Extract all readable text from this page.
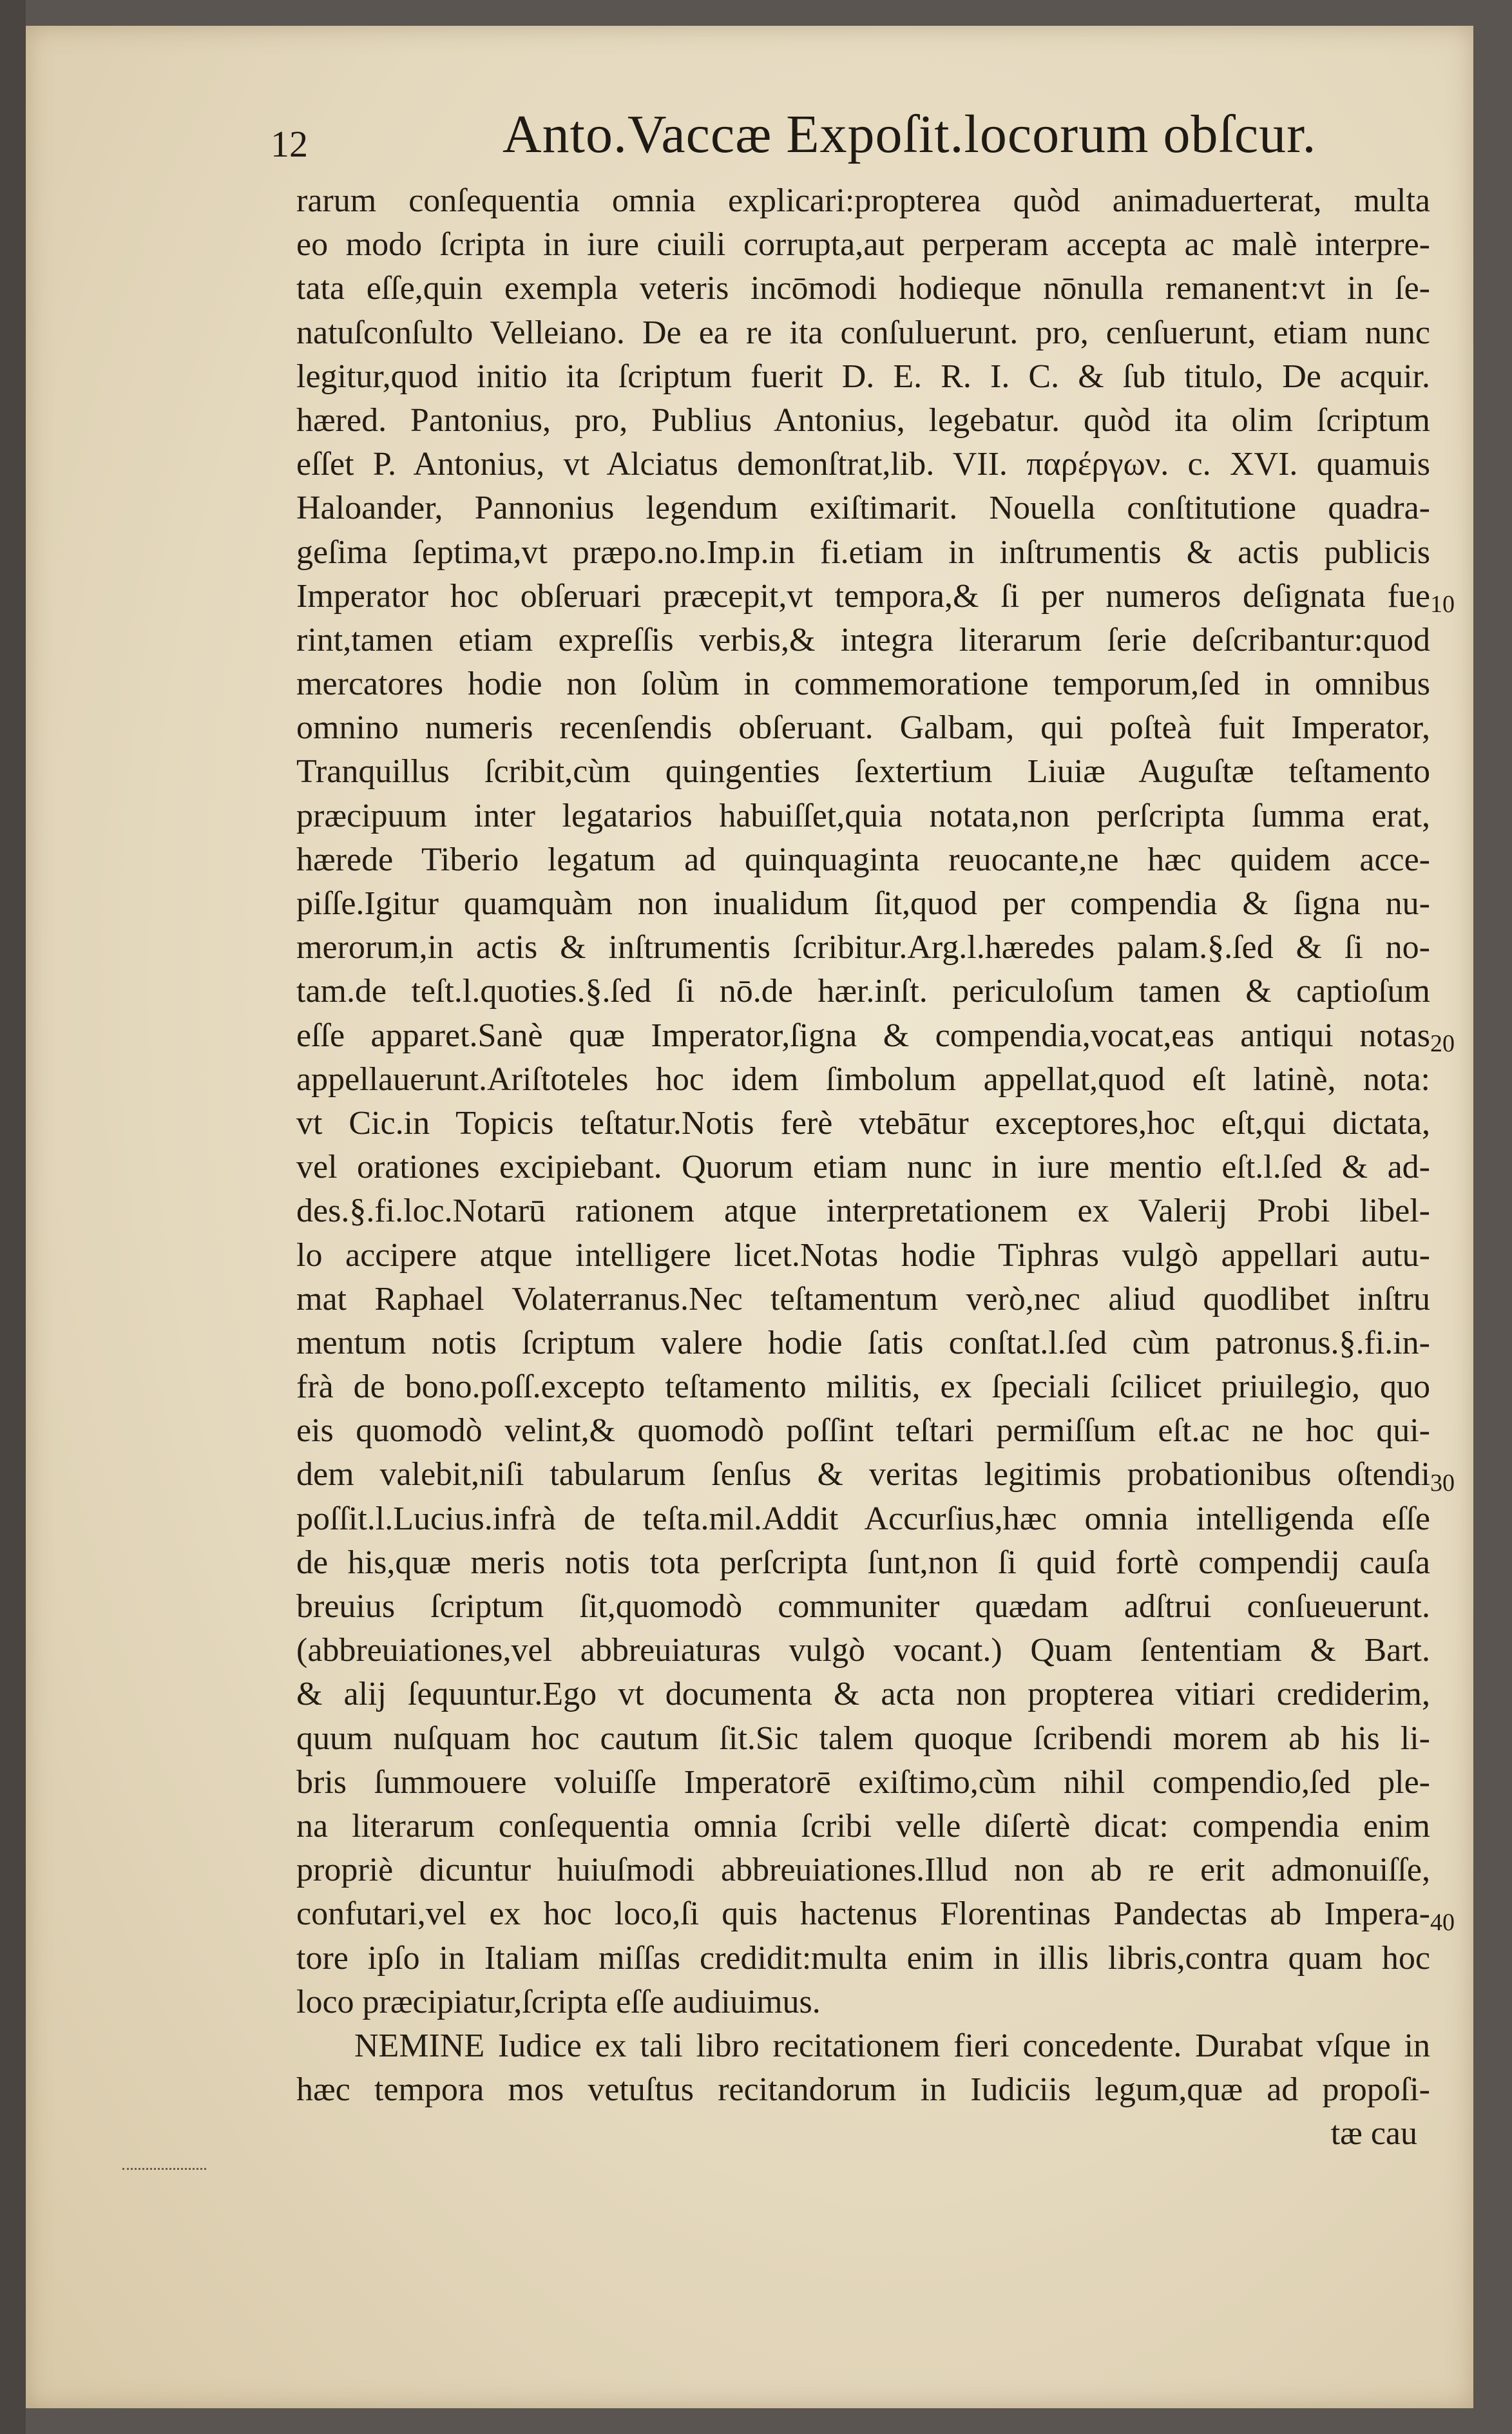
12	Anto.Vaccæ Expoſit.locorum obſcur.
rarum conſequentia omnia explicari:propterea quòd animaduerterat, multa
eo modo ſcripta in iure ciuili corrupta,aut perperam accepta ac malè interpre-
tata eſſe,quin exempla veteris incōmodi hodieque nōnulla remanent:vt in ſe-
natuſconſulto Velleiano. De ea re ita conſuluerunt. pro, cenſuerunt, etiam nunc
legitur,quod initio ita ſcriptum fuerit D. E. R. I. C. & ſub titulo, De acquir.
hæred. Pantonius, pro, Publius Antonius, legebatur. quòd ita olim ſcriptum
eſſet P. Antonius, vt Alciatus demonſtrat,lib. VII. παρέργων. c. XVI. quamuis
Haloander, Pannonius legendum exiſtimarit. Nouella conſtitutione quadra-
geſima ſeptima,vt præpo.no.Imp.in fi.etiam in inſtrumentis & actis publicis
Imperator hoc obſeruari præcepit,vt tempora,& ſi per numeros deſignata fue
rint,tamen etiam expreſſis verbis,& integra literarum ſerie deſcribantur:quod
mercatores hodie non ſolùm in commemoratione temporum,ſed in omnibus
omnino numeris recenſendis obſeruant. Galbam, qui poſteà fuit Imperator,
Tranquillus ſcribit,cùm quingenties ſextertium Liuiæ Auguſtæ teſtamento
præcipuum inter legatarios habuiſſet,quia notata,non perſcripta ſumma erat,
hærede Tiberio legatum ad quinquaginta reuocante,ne hæc quidem acce-
piſſe.Igitur quamquàm non inualidum ſit,quod per compendia & ſigna nu-
merorum,in actis & inſtrumentis ſcribitur.Arg.l.hæredes palam.§.ſed & ſi no-
tam.de teſt.l.quoties.§.ſed ſi nō.de hær.inſt. periculoſum tamen & captioſum
eſſe apparet.Sanè quæ Imperator,ſigna & compendia,vocat,eas antiqui notas
appellauerunt.Ariſtoteles hoc idem ſimbolum appellat,quod eſt latinè, nota:
vt Cic.in Topicis teſtatur.Notis ferè vtebātur exceptores,hoc eſt,qui dictata,
vel orationes excipiebant. Quorum etiam nunc in iure mentio eſt.l.ſed & ad-
des.§.fi.loc.Notarū rationem atque interpretationem ex Valerij Probi libel-
lo accipere atque intelligere licet.Notas hodie Tiphras vulgò appellari autu-
mat Raphael Volaterranus.Nec teſtamentum verò,nec aliud quodlibet inſtru
mentum notis ſcriptum valere hodie ſatis conſtat.l.ſed cùm patronus.§.fi.in-
frà de bono.poſſ.excepto teſtamento militis, ex ſpeciali ſcilicet priuilegio, quo
eis quomodò velint,& quomodò poſſint teſtari permiſſum eſt.ac ne hoc qui-
dem valebit,niſi tabularum ſenſus & veritas legitimis probationibus oſtendi
poſſit.l.Lucius.infrà de teſta.mil.Addit Accurſius,hæc omnia intelligenda eſſe
de his,quæ meris notis tota perſcripta ſunt,non ſi quid fortè compendij cauſa
breuius ſcriptum ſit,quomodò communiter quædam adſtrui conſueuerunt.
(abbreuiationes,vel abbreuiaturas vulgò vocant.) Quam ſententiam & Bart.
& alij ſequuntur.Ego vt documenta & acta non propterea vitiari crediderim,
quum nuſquam hoc cautum ſit.Sic talem quoque ſcribendi morem ab his li-
bris ſummouere voluiſſe Imperatorē exiſtimo,cùm nihil compendio,ſed ple-
na literarum conſequentia omnia ſcribi velle diſertè dicat: compendia enim
propriè dicuntur huiuſmodi abbreuiationes.Illud non ab re erit admonuiſſe,
confutari,vel ex hoc loco,ſi quis hactenus Florentinas Pandectas ab Impera-
tore ipſo in Italiam miſſas credidit:multa enim in illis libris,contra quam hoc
loco præcipiatur,ſcripta eſſe audiuimus.
NEMINE Iudice ex tali libro recitationem fieri concedente. Durabat vſque in
hæc tempora mos vetuſtus recitandorum in Iudiciis legum,quæ ad propoſi-
tæ cau
10
20
30
40
